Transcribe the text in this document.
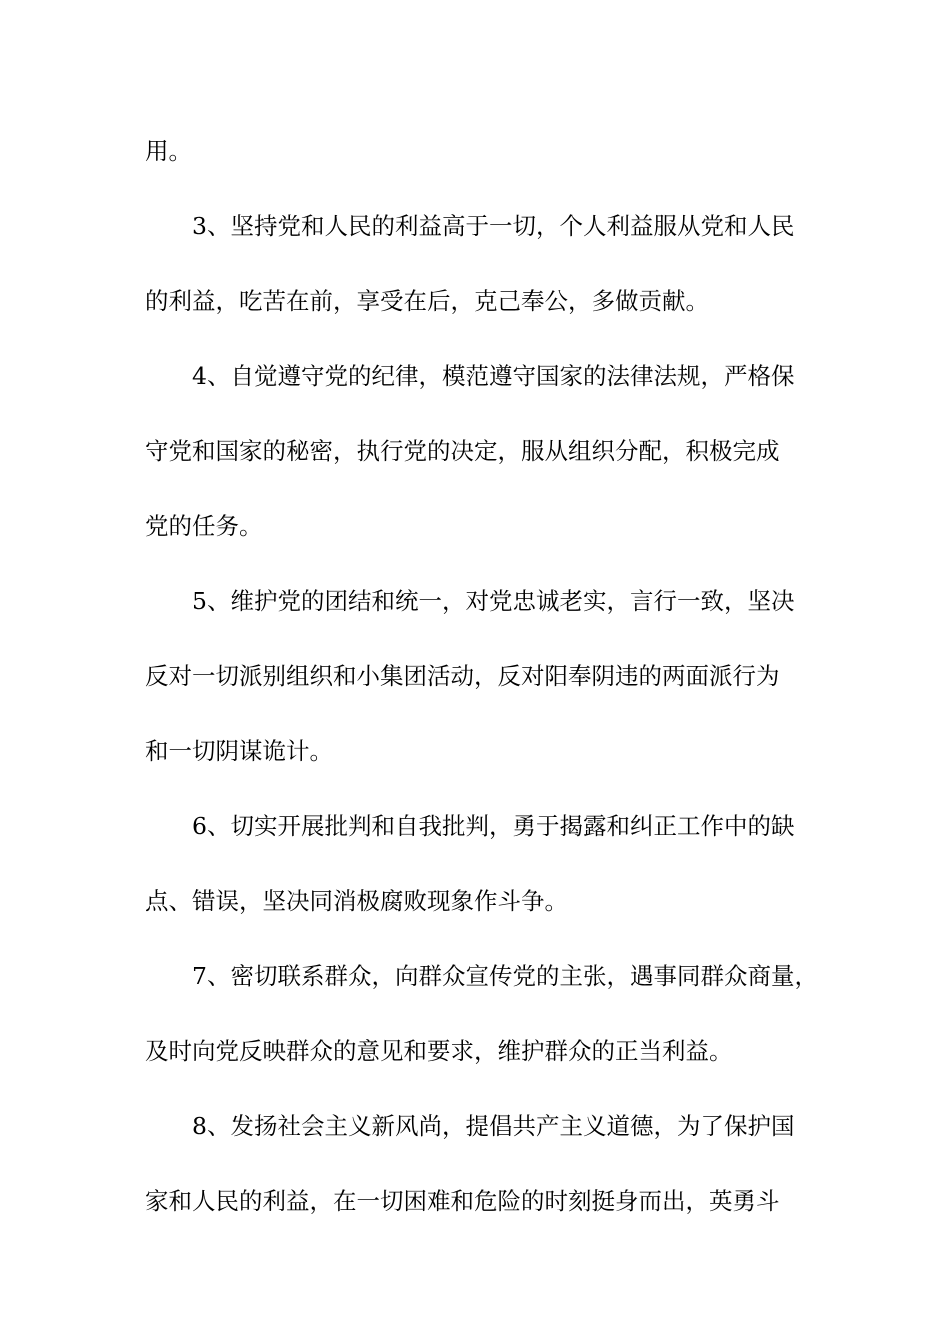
用。
3、坚持党和人民的利益高于一切，个人利益服从党和人民
的利益，吃苦在前，享受在后，克己奉公，多做贡献。
4、自觉遵守党的纪律，模范遵守国家的法律法规，严格保
守党和国家的秘密，执行党的决定，服从组织分配，积极完成
党的任务。
5、维护党的团结和统一，对党忠诚老实，言行一致，坚决
反对一切派别组织和小集团活动，反对阳奉阴违的两面派行为
和一切阴谋诡计。
6、切实开展批判和自我批判，勇于揭露和纠正工作中的缺
点、错误，坚决同消极腐败现象作斗争。
7、密切联系群众，向群众宣传党的主张，遇事同群众商量，
及时向党反映群众的意见和要求，维护群众的正当利益。
8、发扬社会主义新风尚，提倡共产主义道德，为了保护国
家和人民的利益，在一切困难和危险的时刻挺身而出，英勇斗
